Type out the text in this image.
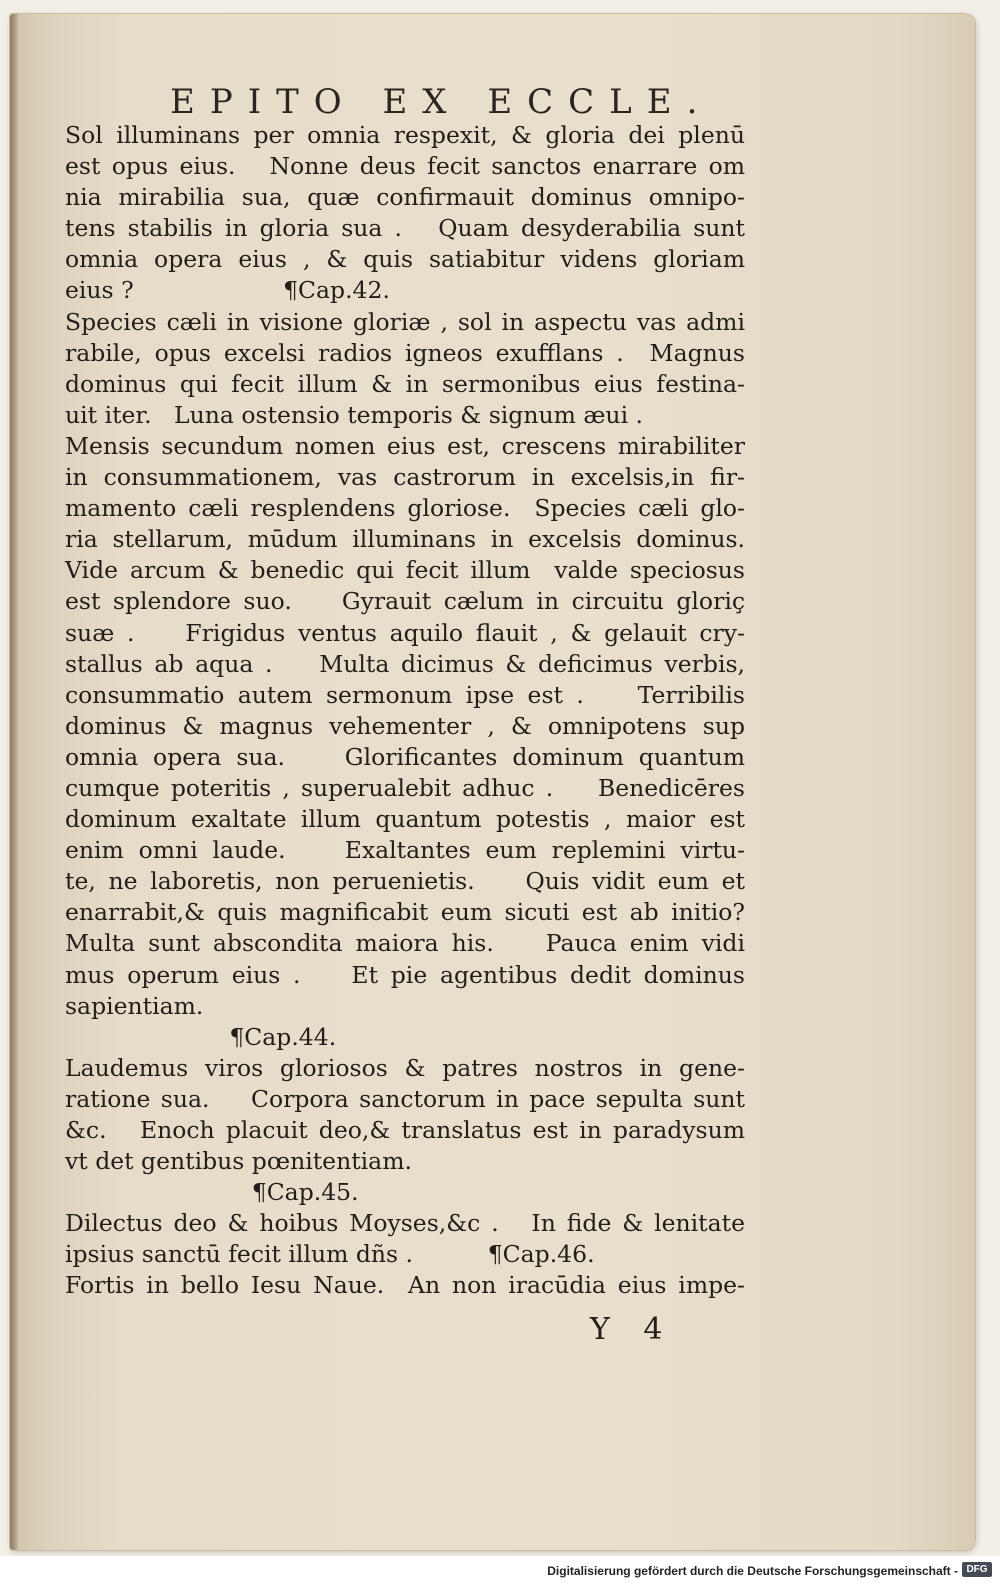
EPITO EX ECCLE.
Sol illuminans per omnia respexit, & gloria dei plenū
est opus eius.   Nonne deus fecit sanctos enarrare om
nia mirabilia sua, quæ confirmauit dominus omnipo-
tens stabilis in gloria sua .   Quam desyderabilia sunt
omnia opera eius , & quis satiabitur videns gloriam
eius ?                    ¶Cap.42.
Species cæli in visione gloriæ , sol in aspectu vas admi
rabile, opus excelsi radios igneos exufflans .  Magnus
dominus qui fecit illum & in sermonibus eius festina-
uit iter.   Luna ostensio temporis & signum æui .
Mensis secundum nomen eius est, crescens mirabiliter
in consummationem, vas castrorum in excelsis,in fir-
mamento cæli resplendens gloriose.  Species cæli glo-
ria stellarum, mūdum illuminans in excelsis dominus.
Vide arcum & benedic qui fecit illum  valde speciosus
est splendore suo.    Gyrauit cælum in circuitu gloriç
suæ .    Frigidus ventus aquilo flauit , & gelauit cry-
stallus ab aqua .    Multa dicimus & deficimus verbis,
consummatio autem sermonum ipse est .    Terribilis
dominus & magnus vehementer , & omnipotens sup
omnia opera sua.    Glorificantes dominum quantum
cumque poteritis , superualebit adhuc .    Benedicēres
dominum exaltate illum quantum potestis , maior est
enim omni laude.    Exaltantes eum replemini virtu-
te, ne laboretis, non peruenietis.    Quis vidit eum et
enarrabit,& quis magnificabit eum sicuti est ab initio?
Multa sunt abscondita maiora his.    Pauca enim vidi
mus operum eius .    Et pie agentibus dedit dominus
sapientiam.
¶Cap.44.
Laudemus viros gloriosos & patres nostros in gene-
ratione sua.    Corpora sanctorum in pace sepulta sunt
&c.   Enoch placuit deo,& translatus est in paradysum
vt det gentibus pœnitentiam.
¶Cap.45.
Dilectus deo & hoibus Moyses,&c .   In fide & lenitate
ipsius sanctū fecit illum dñs .          ¶Cap.46.
Fortis in bello Iesu Naue.  An non iracūdia eius impe-
Y 4
Digitalisierung gefördert durch die Deutsche Forschungsgemeinschaft - DFG
